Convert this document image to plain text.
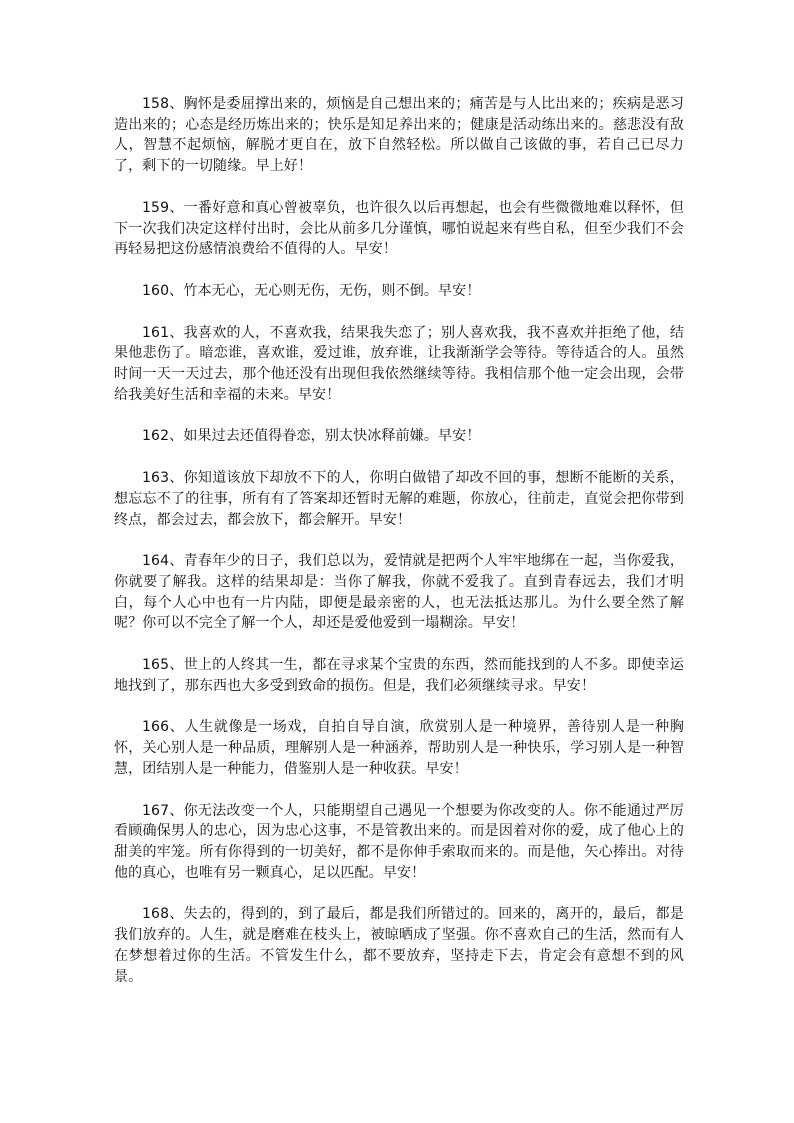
158、胸怀是委屈撑出来的，烦恼是自己想出来的；痛苦是与人比出来的；疾病是恶习造出来的；心态是经历炼出来的；快乐是知足养出来的；健康是活动练出来的。慈悲没有敌人，智慧不起烦恼，解脱才更自在，放下自然轻松。所以做自己该做的事，若自己已尽力了，剩下的一切随缘。早上好！

159、一番好意和真心曾被辜负，也许很久以后再想起，也会有些微微地难以释怀，但下一次我们决定这样付出时，会比从前多几分谨慎，哪怕说起来有些自私，但至少我们不会再轻易把这份感情浪费给不值得的人。早安！

160、竹本无心，无心则无伤，无伤，则不倒。早安！

161、我喜欢的人，不喜欢我，结果我失恋了；别人喜欢我，我不喜欢并拒绝了他，结果他悲伤了。暗恋谁，喜欢谁，爱过谁，放弃谁，让我渐渐学会等待。等待适合的人。虽然时间一天一天过去，那个他还没有出现但我依然继续等待。我相信那个他一定会出现，会带给我美好生活和幸福的未来。早安！

162、如果过去还值得眷恋，别太快冰释前嫌。早安！

163、你知道该放下却放不下的人，你明白做错了却改不回的事，想断不能断的关系，想忘忘不了的往事，所有有了答案却还暂时无解的难题，你放心，往前走，直觉会把你带到终点，都会过去，都会放下，都会解开。早安！

164、青春年少的日子，我们总以为，爱情就是把两个人牢牢地绑在一起，当你爱我，你就要了解我。这样的结果却是：当你了解我，你就不爱我了。直到青春远去，我们才明白，每个人心中也有一片内陆，即便是最亲密的人，也无法抵达那儿。为什么要全然了解呢？你可以不完全了解一个人，却还是爱他爱到一塌糊涂。早安！

165、世上的人终其一生，都在寻求某个宝贵的东西，然而能找到的人不多。即使幸运地找到了，那东西也大多受到致命的损伤。但是，我们必须继续寻求。早安！

166、人生就像是一场戏，自拍自导自演，欣赏别人是一种境界，善待别人是一种胸怀，关心别人是一种品质，理解别人是一种涵养，帮助别人是一种快乐，学习别人是一种智慧，团结别人是一种能力，借鉴别人是一种收获。早安！

167、你无法改变一个人，只能期望自己遇见一个想要为你改变的人。你不能通过严厉看顾确保男人的忠心，因为忠心这事，不是管教出来的。而是因着对你的爱，成了他心上的甜美的牢笼。所有你得到的一切美好，都不是你伸手索取而来的。而是他，矢心捧出。对待他的真心，也唯有另一颗真心，足以匹配。早安！

168、失去的，得到的，到了最后，都是我们所错过的。回来的，离开的，最后，都是我们放弃的。人生，就是磨难在枝头上，被晾晒成了坚强。你不喜欢自己的生活，然而有人在梦想着过你的生活。不管发生什么，都不要放弃，坚持走下去，肯定会有意想不到的风景。
